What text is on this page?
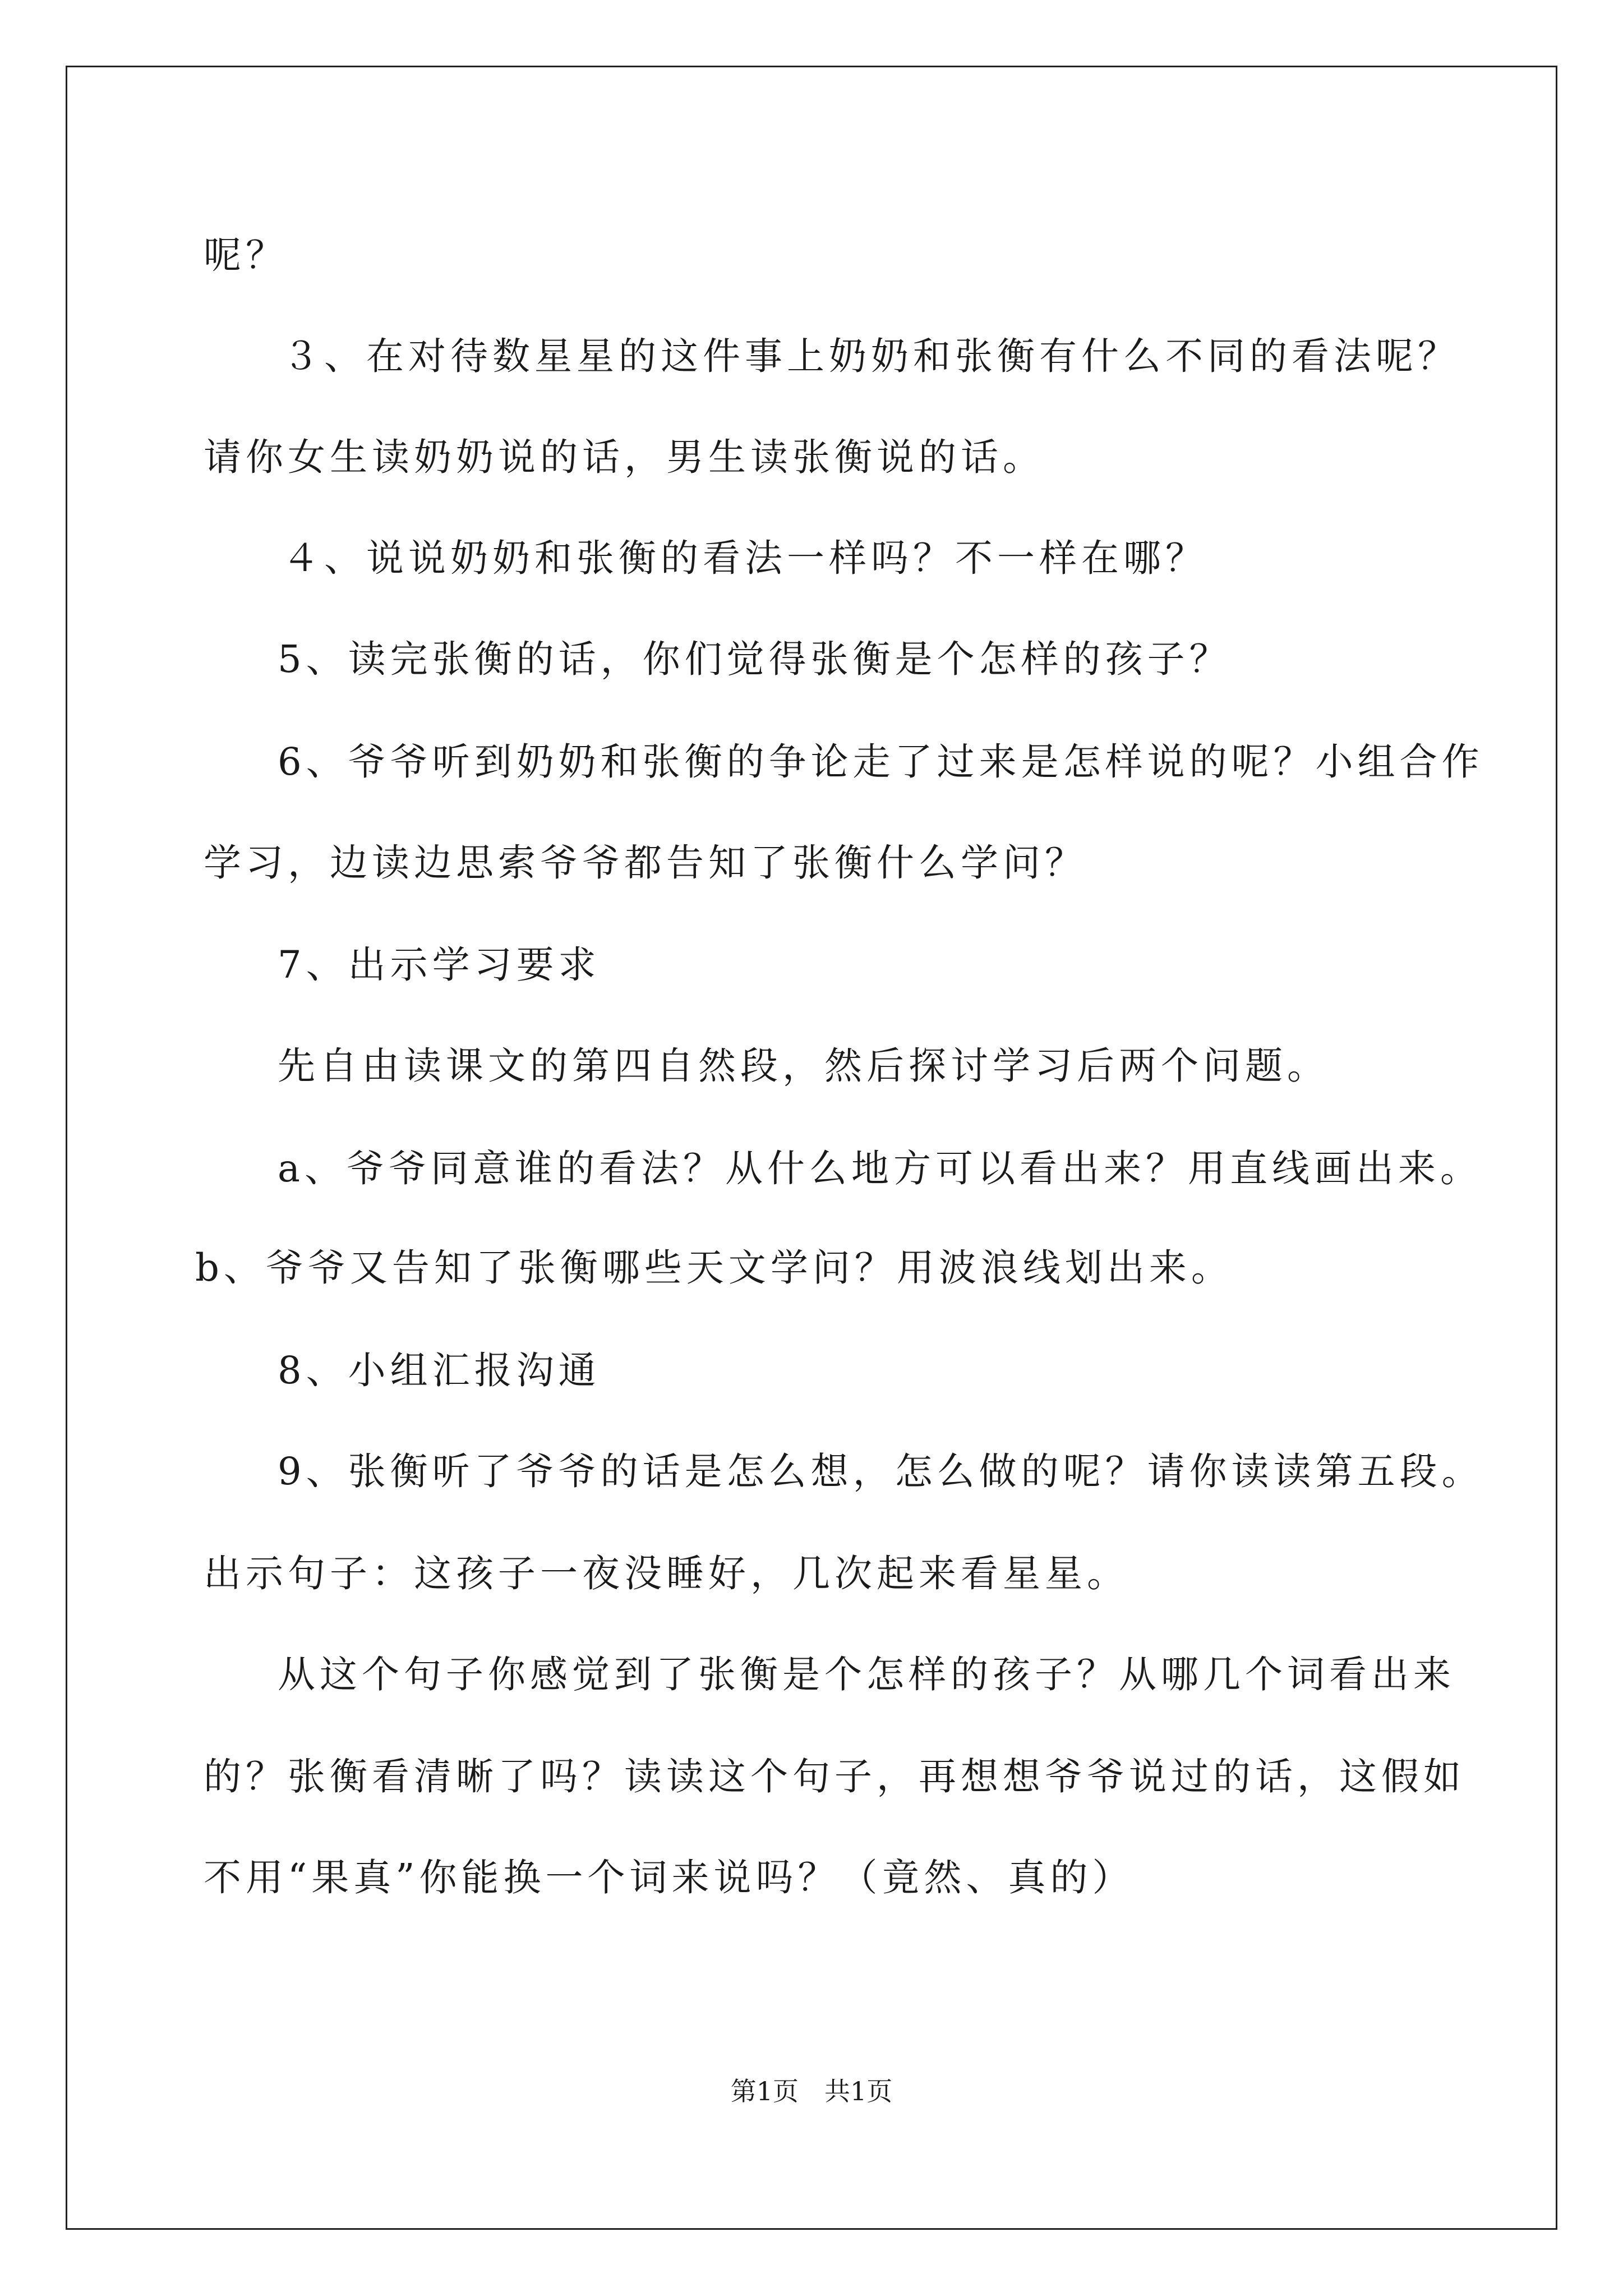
呢？
３、在对待数星星的这件事上奶奶和张衡有什么不同的看法呢？
请你女生读奶奶说的话，男生读张衡说的话。
４、说说奶奶和张衡的看法一样吗？不一样在哪？
5、读完张衡的话，你们觉得张衡是个怎样的孩子？
6、爷爷听到奶奶和张衡的争论走了过来是怎样说的呢？小组合作
学习，边读边思索爷爷都告知了张衡什么学问？
7、出示学习要求
先自由读课文的第四自然段，然后探讨学习后两个问题。
a、爷爷同意谁的看法？从什么地方可以看出来？用直线画出来。
b、爷爷又告知了张衡哪些天文学问？用波浪线划出来。
8、小组汇报沟通
9、张衡听了爷爷的话是怎么想，怎么做的呢？请你读读第五段。
出示句子：这孩子一夜没睡好，几次起来看星星。
从这个句子你感觉到了张衡是个怎样的孩子？从哪几个词看出来
的？张衡看清晰了吗？读读这个句子，再想想爷爷说过的话，这假如
不用“果真”你能换一个词来说吗？（竟然、真的）
第1页　共1页
